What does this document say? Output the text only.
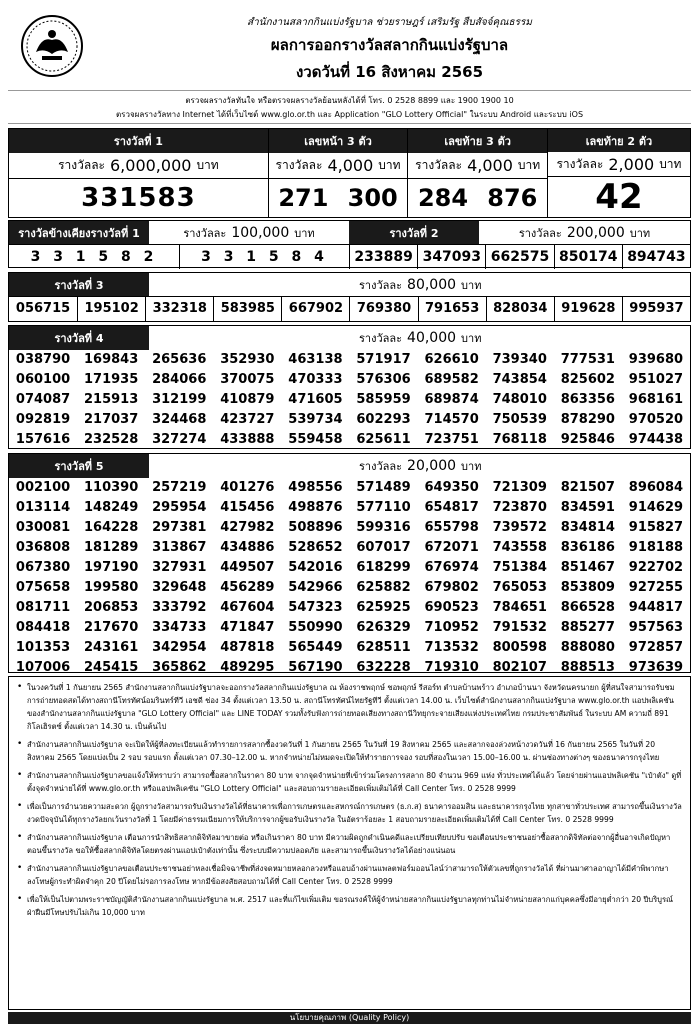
สำนักงานสลากกินแบ่งรัฐบาล ช่วยราษฎร์ เสริมรัฐ สืบสัจจ์คุณธรรม
ผลการออกรางวัลสลากกินแบ่งรัฐบาล
งวดวันที่ 16 สิงหาคม 2565
ตรวจผลรางวัลทันใจ หรือตรวจผลรางวัลย้อนหลังได้ที่ โทร. 0 2528 8899 และ 1900 1900 10
ตรวจผลรางวัลทาง Internet ได้ที่เว็บไซต์ www.glo.or.th และ Application "GLO Lottery Official" ในระบบ Android และระบบ iOS
รางวัลที่ 1
รางวัลละ 6,000,000 บาท
331583
เลขหน้า 3 ตัว
รางวัลละ 4,000 บาท
271 300
เลขท้าย 3 ตัว
รางวัลละ 4,000 บาท
284 876
เลขท้าย 2 ตัว
รางวัลละ 2,000 บาท
42
รางวัลข้างเคียงรางวัลที่ 1	รางวัลละ 100,000 บาท	รางวัลที่ 2	รางวัลละ 200,000 บาท
3 3 1 5 8 2	3 3 1 5 8 4	233889 347093 662575 850174 894743
รางวัลที่ 3	รางวัลละ 80,000 บาท
056715	195102	332318	583985	667902	769380	791653	828034	919628	995937
รางวัลที่ 4	รางวัลละ 40,000 บาท
038790	169843	265636	352930	463138	571917	626610	739340	777531	939680
060100	171935	284066	370075	470333	576306	689582	743854	825602	951027
074087	215913	312199	410879	471605	585959	689874	748010	863356	968161
092819	217037	324468	423727	539734	602293	714570	750539	878290	970520
157616	232528	327274	433888	559458	625611	723751	768118	925846	974438
รางวัลที่ 5	รางวัลละ 20,000 บาท
002100	110390	257219	401276	498556	571489	649350	721309	821507	896084
013114	148249	295954	415456	498876	577110	654817	723870	834591	914629
030081	164228	297381	427982	508896	599316	655798	739572	834814	915827
036808	181289	313867	434886	528652	607017	672071	743558	836186	918188
067380	197190	327931	449507	542016	618299	676974	751384	851467	922702
075658	199580	329648	456289	542966	625882	679802	765053	853809	927255
081711	206853	333792	467604	547323	625925	690523	784651	866528	944817
084418	217670	334733	471847	550990	626329	710952	791532	885277	957563
101353	243161	342954	487818	565449	628511	713532	800598	888080	972857
107006	245415	365862	489295	567190	632228	719310	802107	888513	973639
• ในวงควันที่ 1 กันยายน 2565 สำนักงานสลากกินแบ่งรัฐบาลจะออกรางวัลสลากกินแบ่งรัฐบาล ณ ห้องราชพฤกษ์ ชอพฤกษ์ รีสอร์ท ตำบลบ้านพร้าว อำเภอบ้านนา จังหวัดนครนายก ผู้ที่สนใจสามารถรับชมการถ่ายทอดสดได้ทางสถานีโทรทัศน์อมรินทร์ทีวี เอชดี ช่อง 34 ตั้งแต่เวลา 13.50 น. สถานีโทรทัศน์ไทยรัฐทีวี ตั้งแต่เวลา 14.00 น. เว็บไซต์สำนักงานสลากกินแบ่งรัฐบาล www.glo.or.th แอปพลิเคชันของสำนักงานสลากกินแบ่งรัฐบาล "GLO Lottery Official" และ LINE TODAY รวมทั้งรับฟังการถ่ายทอดเสียงทางสถานีวิทยุกระจายเสียงแห่งประเทศไทย กรมประชาสัมพันธ์ ในระบบ AM ความถี่ 891 กิโลเฮิรตซ์ ตั้งแต่เวลา 14.30 น. เป็นต้นไป
• สำนักงานสลากกินแบ่งรัฐบาล จะเปิดให้ผู้ที่ลงทะเบียนแล้วทำรายการสลากซื้องวดวันที่ 1 กันยายน 2565 ในวันที่ 19 สิงหาคม 2565 และสลากจองล่วงหน้างวดวันที่ 16 กันยายน 2565 ในวันที่ 20 สิงหาคม 2565 โดยแบ่งเป็น 2 รอบ รอบแรก ตั้งแต่เวลา 07.30–12.00 น. หากจำหน่ายไม่หมดจะเปิดให้ทำรายการจอง รอบที่สองในเวลา 15.00–16.00 น. ผ่านช่องทางต่างๆ ของธนาคารกรุงไทย
• สำนักงานสลากกินแบ่งรัฐบาลขอแจ้งให้ทราบว่า สามารถซื้อสลากในราคา 80 บาท จากจุดจำหน่ายที่เข้าร่วมโครงการสลาก 80 จำนวน 969 แห่ง ทั่วประเทศได้แล้ว โดยจ่ายผ่านแอปพลิเคชัน "เป๋าตัง" ดูที่ตั้งจุดจำหน่ายได้ที่ www.glo.or.th หรือแอปพลิเคชัน "GLO Lottery Official" และสอบถามรายละเอียดเพิ่มเติมได้ที่ Call Center โทร. 0 2528 9999
• เพื่อเป็นการอำนวยความสะดวก ผู้ถูกรางวัลสามารถรับเงินรางวัลได้ที่ธนาคารเพื่อการเกษตรและสหกรณ์การเกษตร (ธ.ก.ส) ธนาคารออมสิน และธนาคารกรุงไทย ทุกสาขาทั่วประเทศ สามารถขึ้นเงินรางวัลงวดปัจจุบันได้ทุกรางวัลยกเว้นรางวัลที่ 1 โดยมีค่าธรรมเนียมการให้บริการจากผู้ขอรับเงินรางวัล ในอัตราร้อยละ 1 สอบถามรายละเอียดเพิ่มเติมได้ที่ Call Center โทร. 0 2528 9999
• สำนักงานสลากกินแบ่งรัฐบาล เตือนการนำสิทธิสลากดิจิทัลมาขายต่อ หรือเกินราคา 80 บาท มีความผิดถูกดำเนินคดีและเปรียบเทียบปรับ ขอเตือนประชาชนอย่าซื้อสลากดิจิทัลต่อจากผู้อื่นอาจเกิดปัญหาตอนขึ้นรางวัล ขอให้ซื้อสลากดิจิทัลโดยตรงผ่านแอปเป๋าตังเท่านั้น ซึ่งระบบมีความปลอดภัย และสามารถขึ้นเงินรางวัลได้อย่างแน่นอน
• สำนักงานสลากกินแบ่งรัฐบาลขอเตือนประชาชนอย่าหลงเชื่อมิจฉาชีพที่ส่งจดหมายหลอกลวงหรือแอบอ้างผ่านแพลตฟอร์มออนไลน์ว่าสามารถให้ตัวเลขที่ถูกรางวัลได้ ที่ผ่านมาศาลอาญาได้มีคำพิพากษาลงโทษผู้กระทำผิดจำคุก 20 ปีโดยไม่รอการลงโทษ หากมีข้อสงสัยสอบถามได้ที่ Call Center โทร. 0 2528 9999
• เพื่อให้เป็นไปตามพระราชบัญญัติสำนักงานสลากกินแบ่งรัฐบาล พ.ศ. 2517 และที่แก้ไขเพิ่มเติม ขอรณรงค์ให้ผู้จำหน่ายสลากกินแบ่งรัฐบาลทุกท่านไม่จำหน่ายสลากแก่บุคคลซึ่งมีอายุต่ำกว่า 20 ปีบริบูรณ์ ฝ่าฝืนมีโทษปรับไม่เกิน 10,000 บาท
นโยบายคุณภาพ (Quality Policy)
